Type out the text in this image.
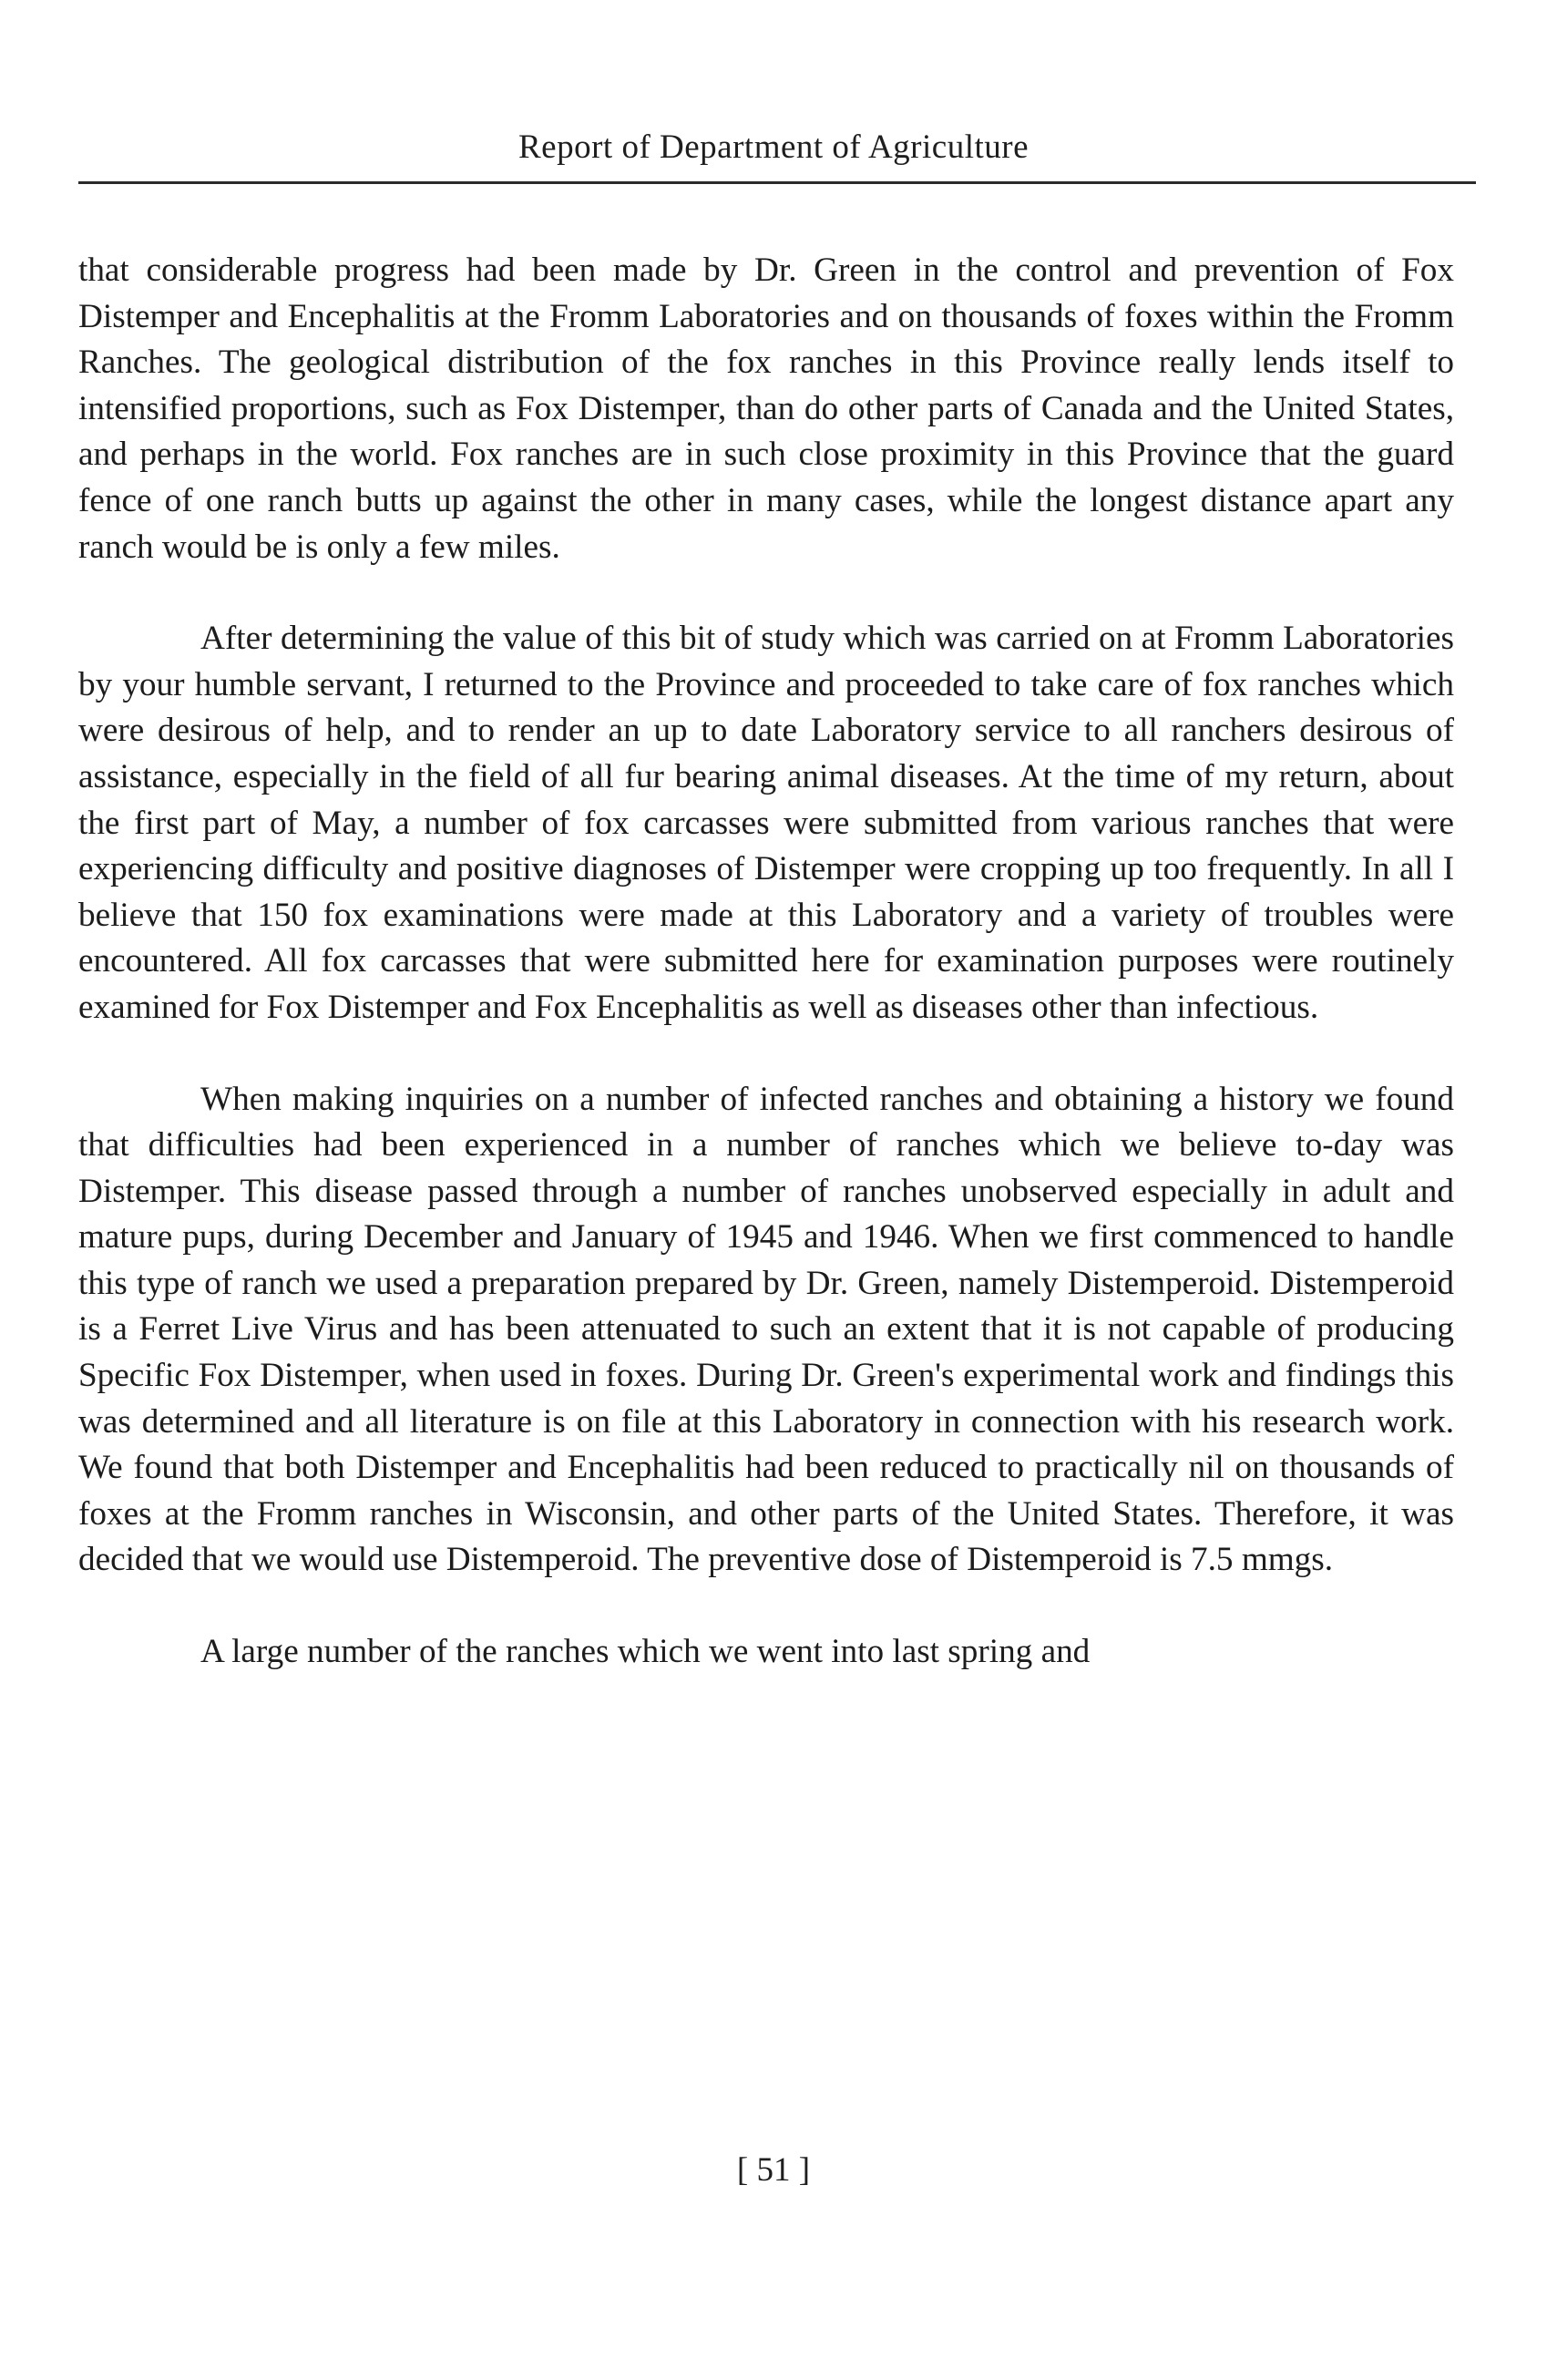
Report of Department of Agriculture

that considerable progress had been made by Dr. Green in the control and prevention of Fox Distemper and Encephalitis at the Fromm Laboratories and on thousands of foxes within the Fromm Ranches. The geological distribution of the fox ranches in this Province really lends itself to intensified proportions, such as Fox Distemper, than do other parts of Canada and the United States, and perhaps in the world. Fox ranches are in such close proximity in this Province that the guard fence of one ranch butts up against the other in many cases, while the longest distance apart any ranch would be is only a few miles.

After determining the value of this bit of study which was carried on at Fromm Laboratories by your humble servant, I returned to the Province and proceeded to take care of fox ranches which were desirous of help, and to render an up to date Laboratory service to all ranchers desirous of assistance, especially in the field of all fur bearing animal diseases. At the time of my return, about the first part of May, a number of fox carcasses were submitted from various ranches that were experiencing difficulty and positive diagnoses of Distemper were cropping up too frequently. In all I believe that 150 fox examinations were made at this Laboratory and a variety of troubles were encountered. All fox carcasses that were submitted here for examination purposes were routinely examined for Fox Distemper and Fox Encephalitis as well as diseases other than infectious.

When making inquiries on a number of infected ranches and obtaining a history we found that difficulties had been experienced in a number of ranches which we believe to-day was Distemper. This disease passed through a number of ranches unobserved especially in adult and mature pups, during December and January of 1945 and 1946. When we first commenced to handle this type of ranch we used a preparation prepared by Dr. Green, namely Distemperoid. Distemperoid is a Ferret Live Virus and has been attenuated to such an extent that it is not capable of producing Specific Fox Distemper, when used in foxes. During Dr. Green's experimental work and findings this was determined and all literature is on file at this Laboratory in connection with his research work. We found that both Distemper and Encephalitis had been reduced to practically nil on thousands of foxes at the Fromm ranches in Wisconsin, and other parts of the United States. Therefore, it was decided that we would use Distemperoid. The preventive dose of Distemperoid is 7.5 mmgs.

A large number of the ranches which we went into last spring and

[ 51 ]
